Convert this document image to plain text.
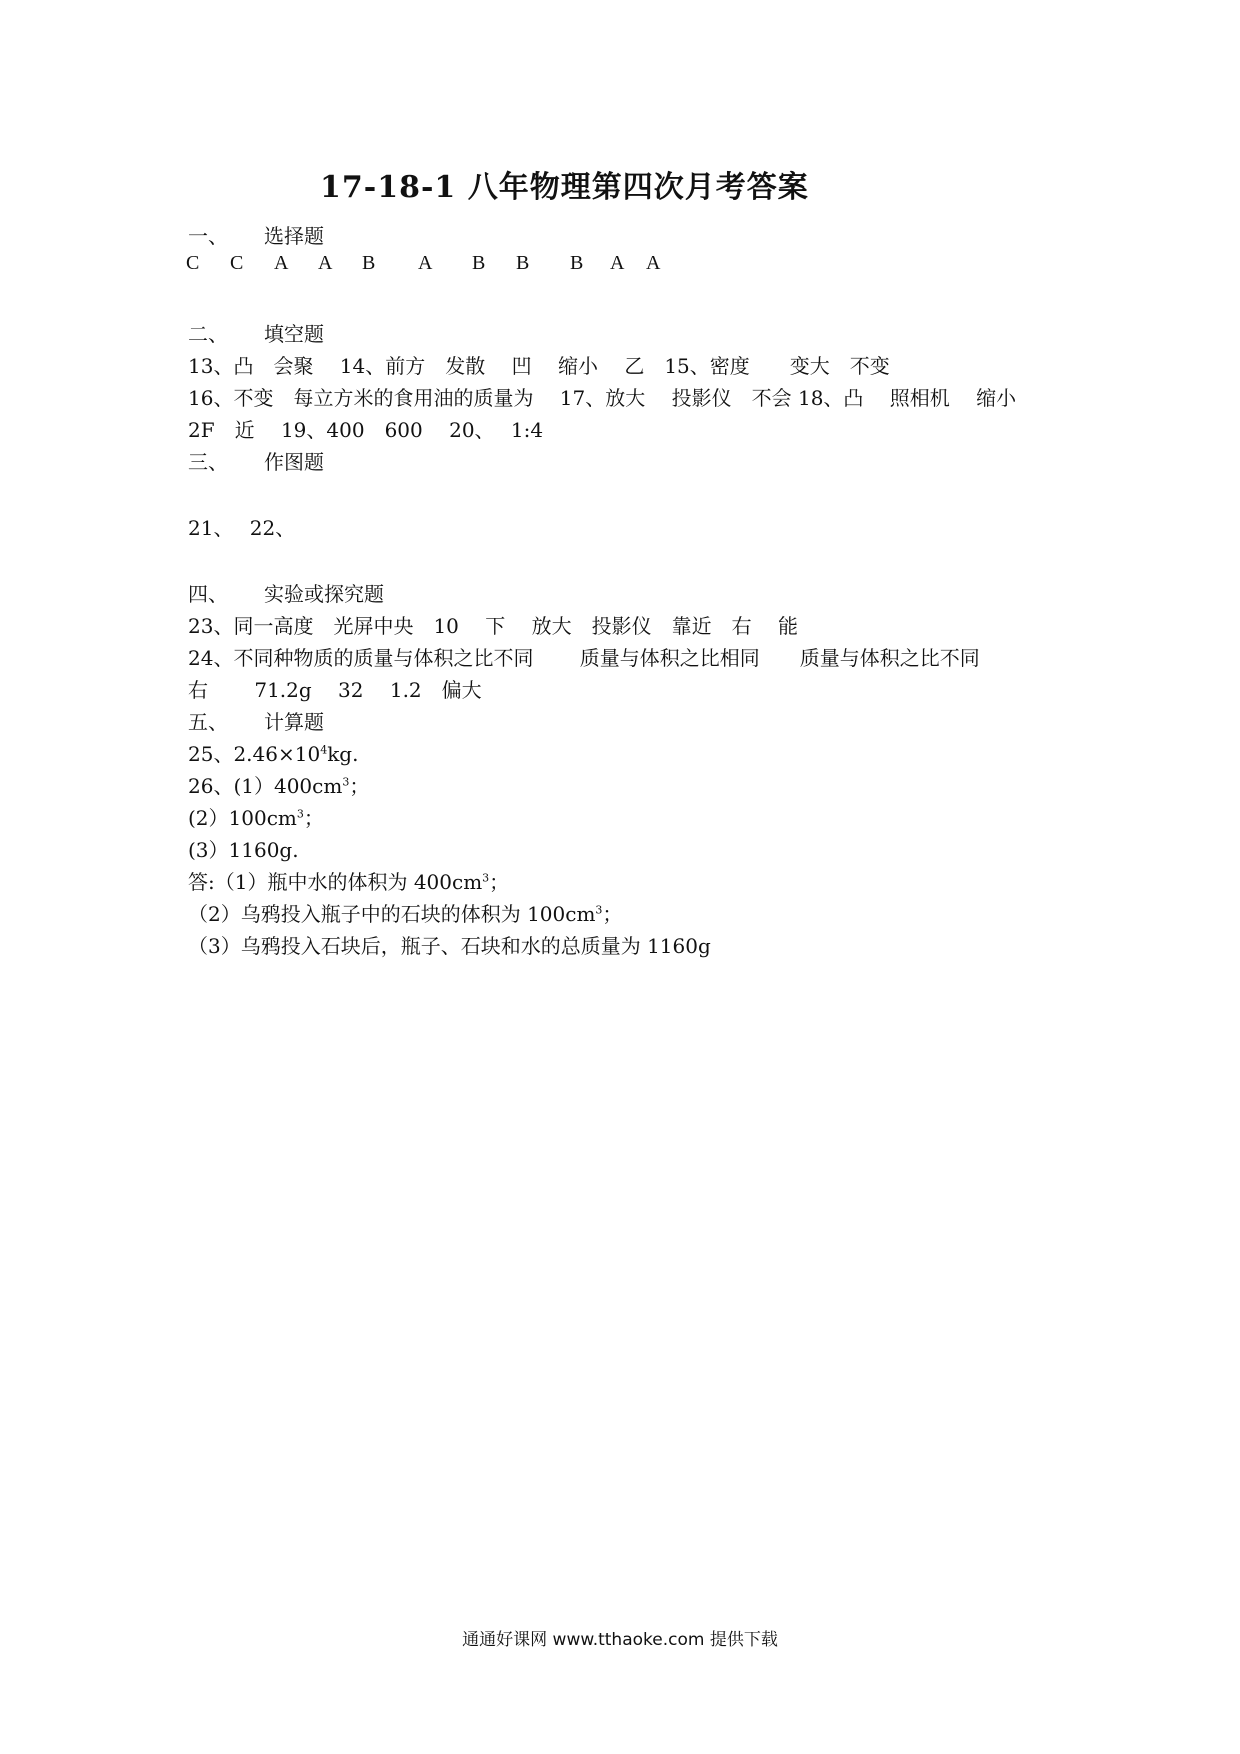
17-18-1 八年物理第四次月考答案
一、 选择题
C C A A B A B B B A A
二、 填空题
13、凸　会聚　 14、前方　发散　 凹　 缩小　 乙　15、密度　　变大　不变
16、不变　每立方米的食用油的质量为　 17、放大　 投影仪　不会 18、凸　 照相机　 缩小
2F　近　 19、400　600　 20、　 1:4
三、 作图题
21、　 22、
四、 实验或探究题
23、同一高度　光屏中央　10　 下　 放大　投影仪　靠近　右　 能
24、不同种物质的质量与体积之比不同　　 质量与体积之比相同　　质量与体积之比不同
右　　 71.2g　 32　 1.2　偏大
五、 计算题
25、$2.46\times 10^4kg$.
26、$(1)400cm^3$；
$(2)100cm^3$；
(3）1160g.
答:（1）瓶中水的体积为 $400cm^3$；
（2）乌鸦投入瓶子中的石块的体积为 $100cm^3$；
（3）乌鸦投入石块后，瓶子、石块和水的总质量为 1160g
通通好课网 www.tthaoke.com 提供下载
